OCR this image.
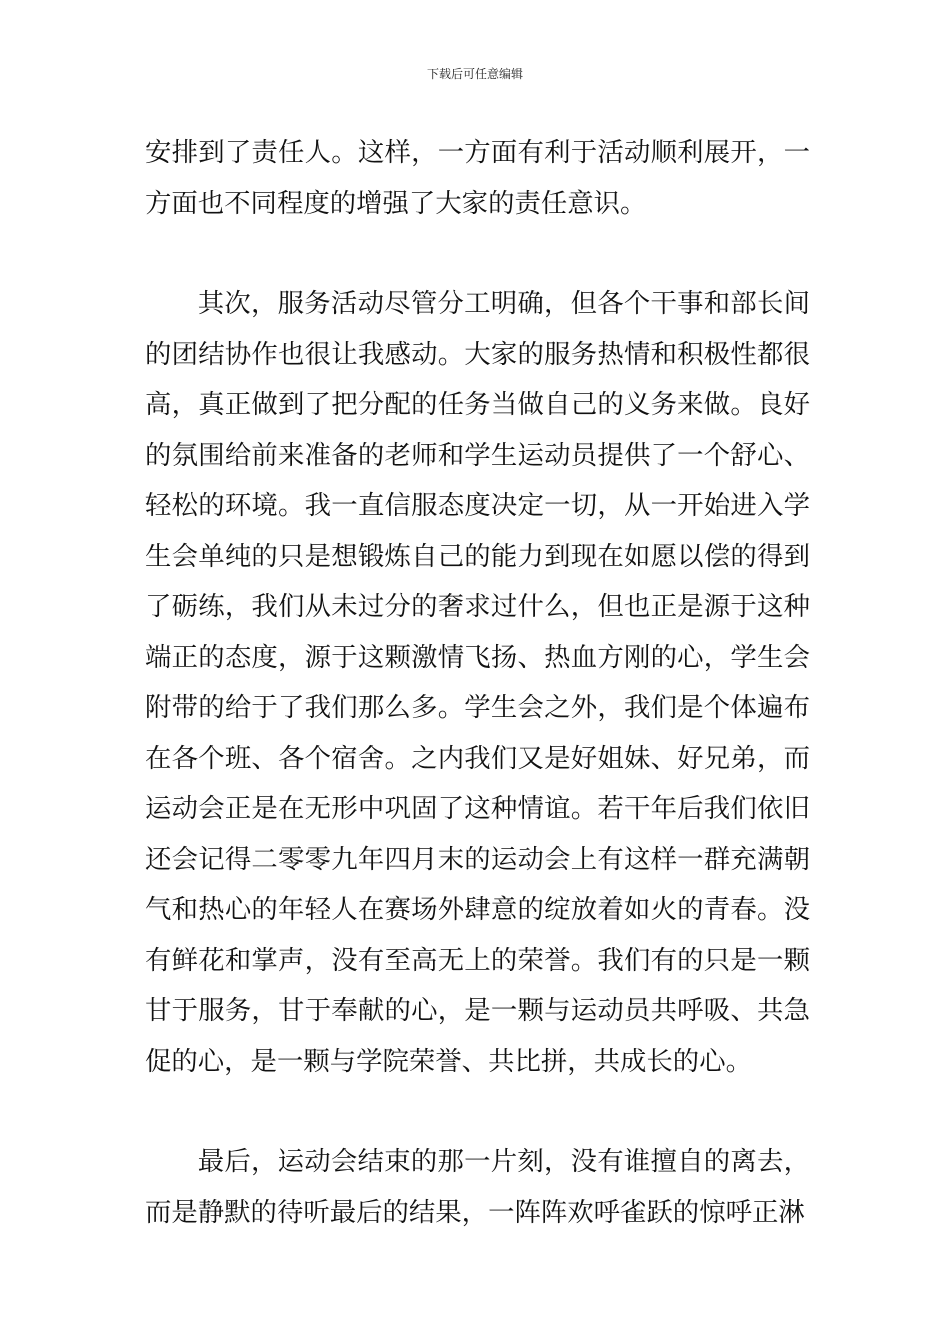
下载后可任意编辑

安排到了责任人。这样，一方面有利于活动顺利展开，一方面也不同程度的增强了大家的责任意识。

其次，服务活动尽管分工明确，但各个干事和部长间的团结协作也很让我感动。大家的服务热情和积极性都很高，真正做到了把分配的任务当做自己的义务来做。良好的氛围给前来准备的老师和学生运动员提供了一个舒心、轻松的环境。我一直信服态度决定一切，从一开始进入学生会单纯的只是想锻炼自己的能力到现在如愿以偿的得到了砺练，我们从未过分的奢求过什么，但也正是源于这种端正的态度，源于这颗激情飞扬、热血方刚的心，学生会附带的给于了我们那么多。学生会之外，我们是个体遍布在各个班、各个宿舍。之内我们又是好姐妹、好兄弟，而运动会正是在无形中巩固了这种情谊。若干年后我们依旧还会记得二零零九年四月末的运动会上有这样一群充满朝气和热心的年轻人在赛场外肆意的绽放着如火的青春。没有鲜花和掌声，没有至高无上的荣誉。我们有的只是一颗甘于服务，甘于奉献的心，是一颗与运动员共呼吸、共急促的心，是一颗与学院荣誉、共比拼，共成长的心。

最后，运动会结束的那一片刻，没有谁擅自的离去，而是静默的待听最后的结果，一阵阵欢呼雀跃的惊呼正淋
